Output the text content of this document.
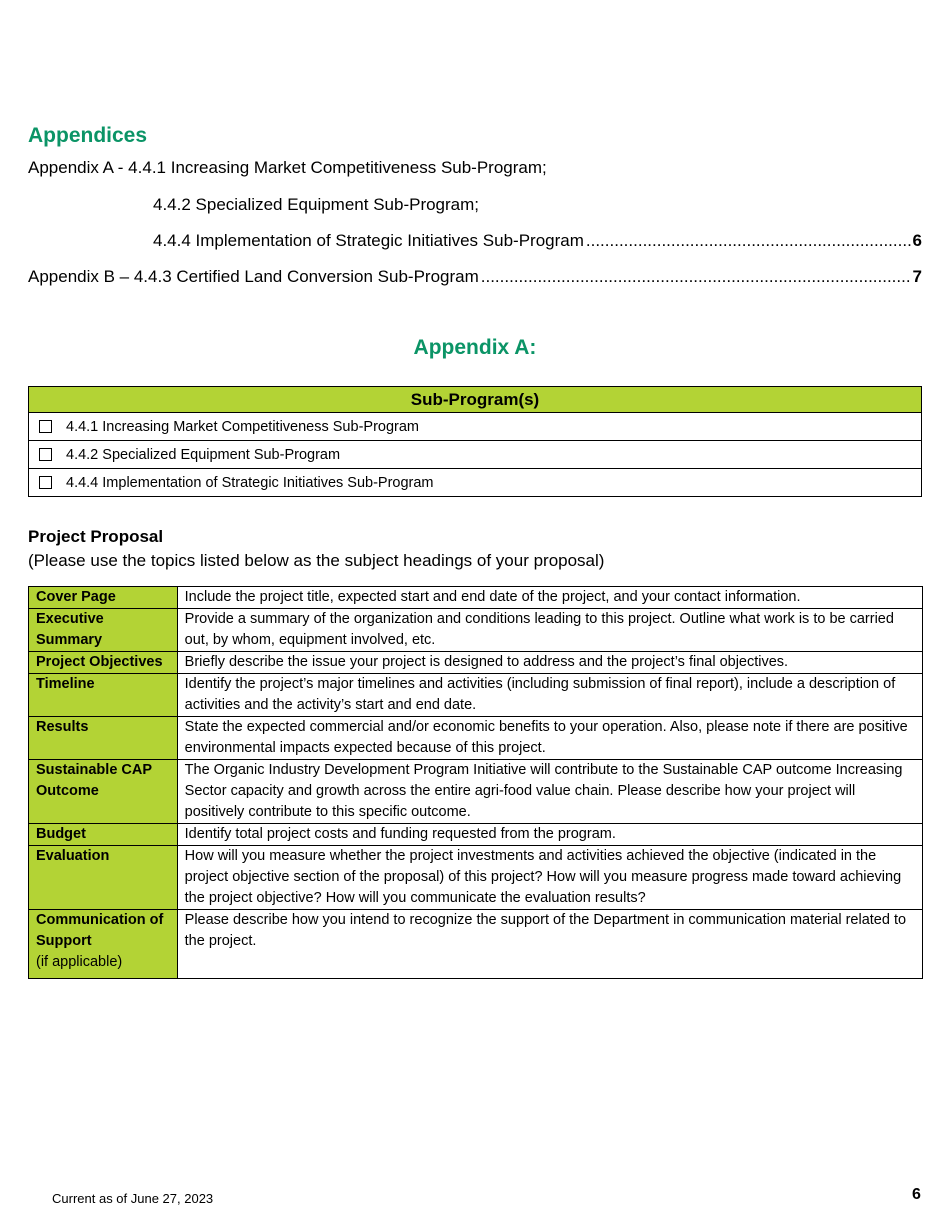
Appendices
Appendix A - 4.4.1 Increasing Market Competitiveness Sub-Program;
4.4.2 Specialized Equipment Sub-Program;
4.4.4 Implementation of Strategic Initiatives Sub-Program .....	6
Appendix B – 4.4.3 Certified Land Conversion Sub-Program .....	7
Appendix A:
Sub-Program(s)
4.4.1 Increasing Market Competitiveness Sub-Program
4.4.2 Specialized Equipment Sub-Program
4.4.4 Implementation of Strategic Initiatives Sub-Program
Project Proposal
(Please use the topics listed below as the subject headings of your proposal)
Cover Page	Include the project title, expected start and end date of the project, and your contact information.
Executive Summary	Provide a summary of the organization and conditions leading to this project. Outline what work is to be carried out, by whom, equipment involved, etc.
Project Objectives	Briefly describe the issue your project is designed to address and the project’s final objectives.
Timeline	Identify the project’s major timelines and activities (including submission of final report), include a description of activities and the activity’s start and end date.
Results	State the expected commercial and/or economic benefits to your operation. Also, please note if there are positive environmental impacts expected because of this project.
Sustainable CAP Outcome	The Organic Industry Development Program Initiative will contribute to the Sustainable CAP outcome Increasing Sector capacity and growth across the entire agri-food value chain. Please describe how your project will positively contribute to this specific outcome.
Budget	Identify total project costs and funding requested from the program.
Evaluation	How will you measure whether the project investments and activities achieved the objective (indicated in the project objective section of the proposal) of this project? How will you measure progress made toward achieving the project objective? How will you communicate the evaluation results?
Communication of Support
(if applicable)	Please describe how you intend to recognize the support of the Department in communication material related to the project.
Current as of June 27, 2023	6
